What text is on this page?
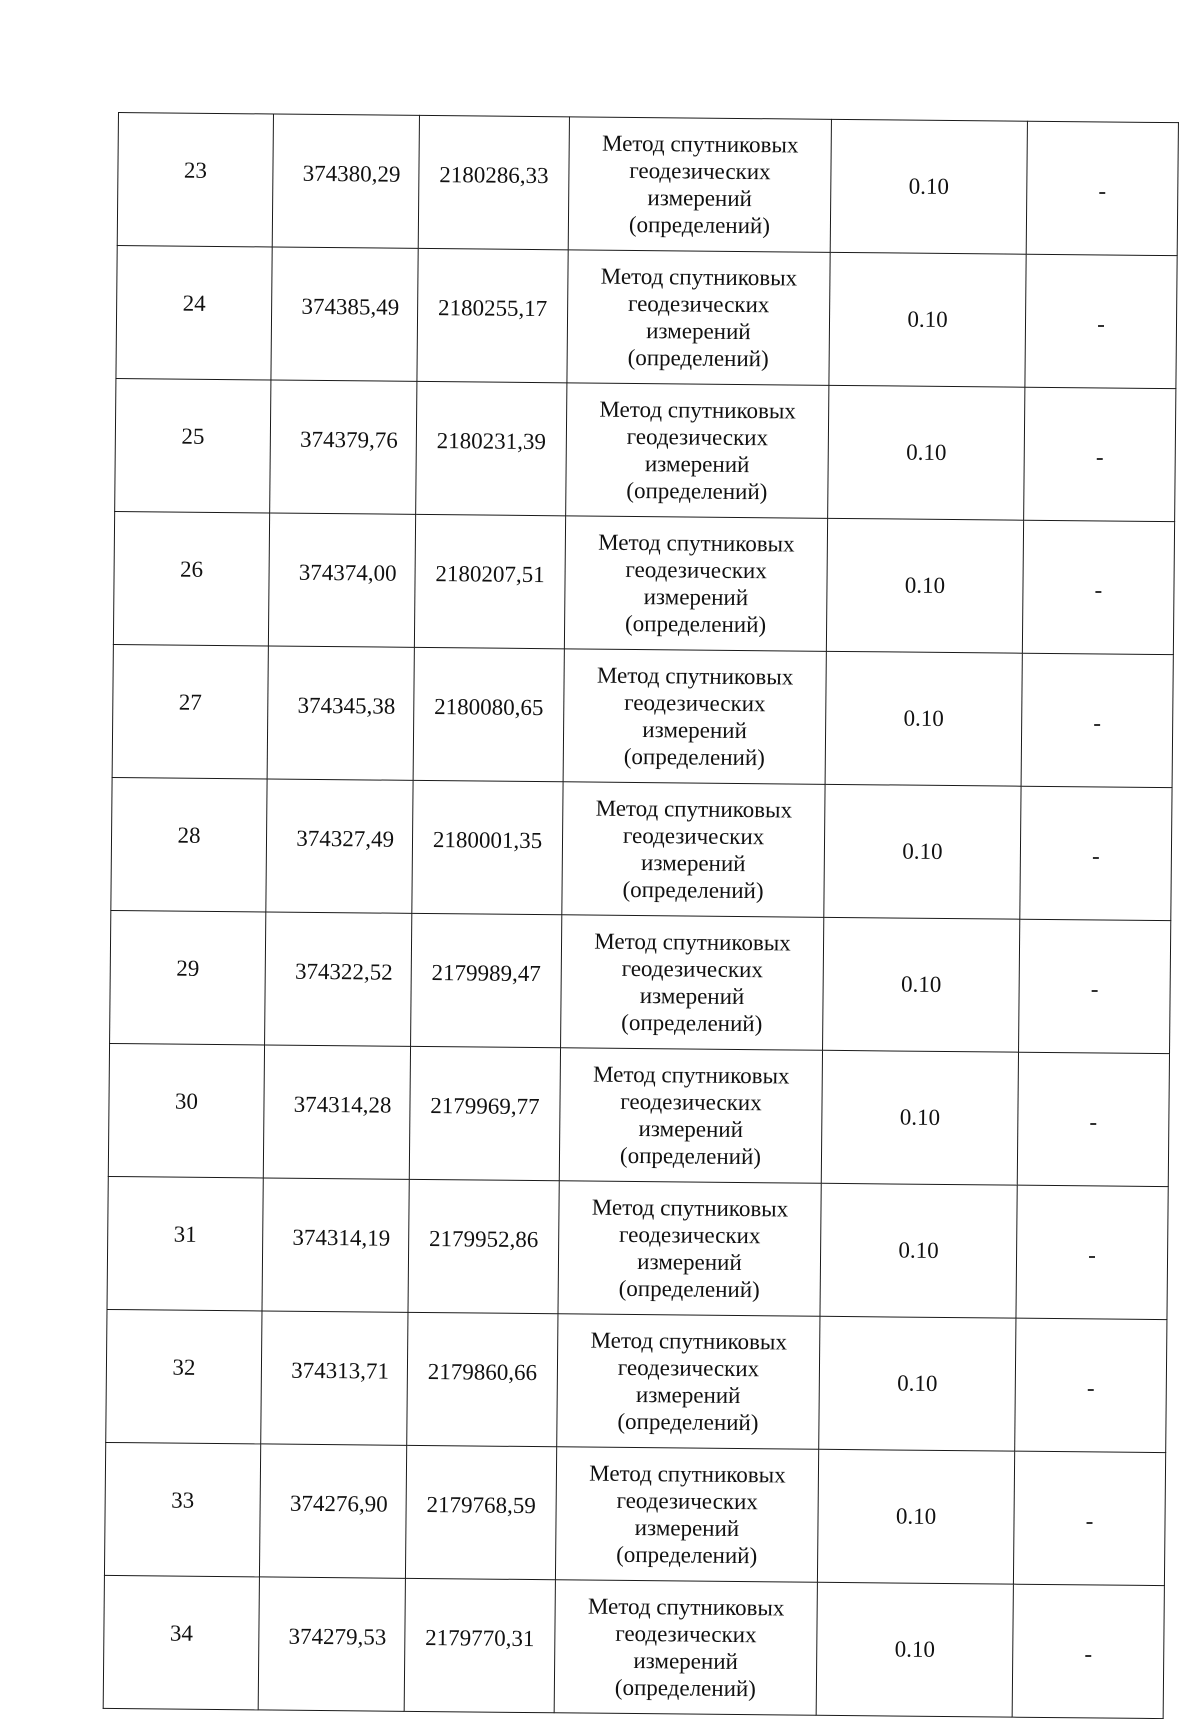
23	374380,29	2180286,33	Метод спутниковых
геодезических
измерений
(определений)	0.10	-
24	374385,49	2180255,17	Метод спутниковых
геодезических
измерений
(определений)	0.10	-
25	374379,76	2180231,39	Метод спутниковых
геодезических
измерений
(определений)	0.10	-
26	374374,00	2180207,51	Метод спутниковых
геодезических
измерений
(определений)	0.10	-
27	374345,38	2180080,65	Метод спутниковых
геодезических
измерений
(определений)	0.10	-
28	374327,49	2180001,35	Метод спутниковых
геодезических
измерений
(определений)	0.10	-
29	374322,52	2179989,47	Метод спутниковых
геодезических
измерений
(определений)	0.10	-
30	374314,28	2179969,77	Метод спутниковых
геодезических
измерений
(определений)	0.10	-
31	374314,19	2179952,86	Метод спутниковых
геодезических
измерений
(определений)	0.10	-
32	374313,71	2179860,66	Метод спутниковых
геодезических
измерений
(определений)	0.10	-
33	374276,90	2179768,59	Метод спутниковых
геодезических
измерений
(определений)	0.10	-
34	374279,53	2179770,31	Метод спутниковых
геодезических
измерений
(определений)	0.10	-
